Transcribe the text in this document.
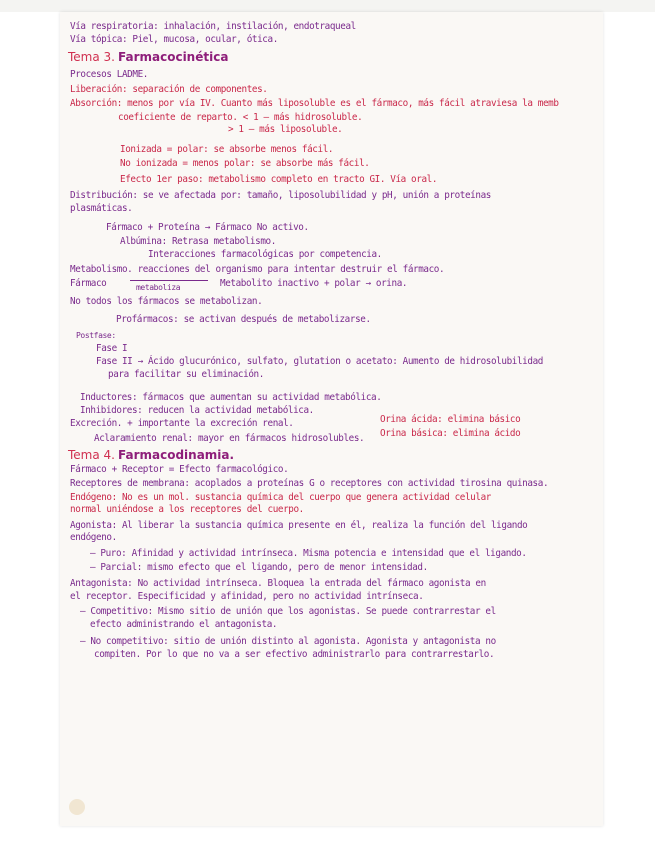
Vía respiratoria: inhalación, instilación, endotraqueal
Vía tópica: Piel, mucosa, ocular, ótica.
Tema 3. Farmacocinética
Procesos LADME.
Liberación: separación de componentes.
Absorción: menos por vía IV. Cuanto más liposoluble es el fármaco, más fácil atraviesa la memb
coeficiente de reparto. < 1 – más hidrosoluble.
> 1 – más liposoluble.
Ionizada = polar: se absorbe menos fácil.
No ionizada = menos polar: se absorbe más fácil.
Efecto 1er paso: metabolismo completo en tracto GI. Vía oral.
Distribución: se ve afectada por: tamaño, liposolubilidad y pH, unión a proteínas
plasmáticas.
Fármaco + Proteína → Fármaco No activo.
Albúmina: Retrasa metabolismo.
Interacciones farmacológicas por competencia.
Metabolismo. reacciones del organismo para intentar destruir el fármaco.
Fármaco	metaboliza	Metabolito inactivo + polar → orina.
No todos los fármacos se metabolizan.
Profármacos: se activan después de metabolizarse.
Postfase:
Fase I
Fase II → Ácido glucurónico, sulfato, glutation o acetato: Aumento de hidrosolubilidad
para facilitar su eliminación.
Inductores: fármacos que aumentan su actividad metabólica.
Inhibidores: reducen la actividad metabólica.
Orina ácida: elimina básico
Excreción. + importante la excreción renal.
Orina básica: elimina ácido
Aclaramiento renal: mayor en fármacos hidrosolubles.
Tema 4. Farmacodinamia.
Fármaco + Receptor = Efecto farmacológico.
Receptores de membrana: acoplados a proteínas G o receptores con actividad tirosina quinasa.
Endógeno: No es un mol. sustancia química del cuerpo que genera actividad celular
normal uniéndose a los receptores del cuerpo.
Agonista: Al liberar la sustancia química presente en él, realiza la función del ligando
endógeno.
– Puro: Afinidad y actividad intrínseca. Misma potencia e intensidad que el ligando.
– Parcial: mismo efecto que el ligando, pero de menor intensidad.
Antagonista: No actividad intrínseca. Bloquea la entrada del fármaco agonista en
el receptor. Especificidad y afinidad, pero no actividad intrínseca.
– Competitivo: Mismo sitio de unión que los agonistas. Se puede contrarrestar el
efecto administrando el antagonista.
– No competitivo: sitio de unión distinto al agonista. Agonista y antagonista no
compiten. Por lo que no va a ser efectivo administrarlo para contrarrestarlo.
